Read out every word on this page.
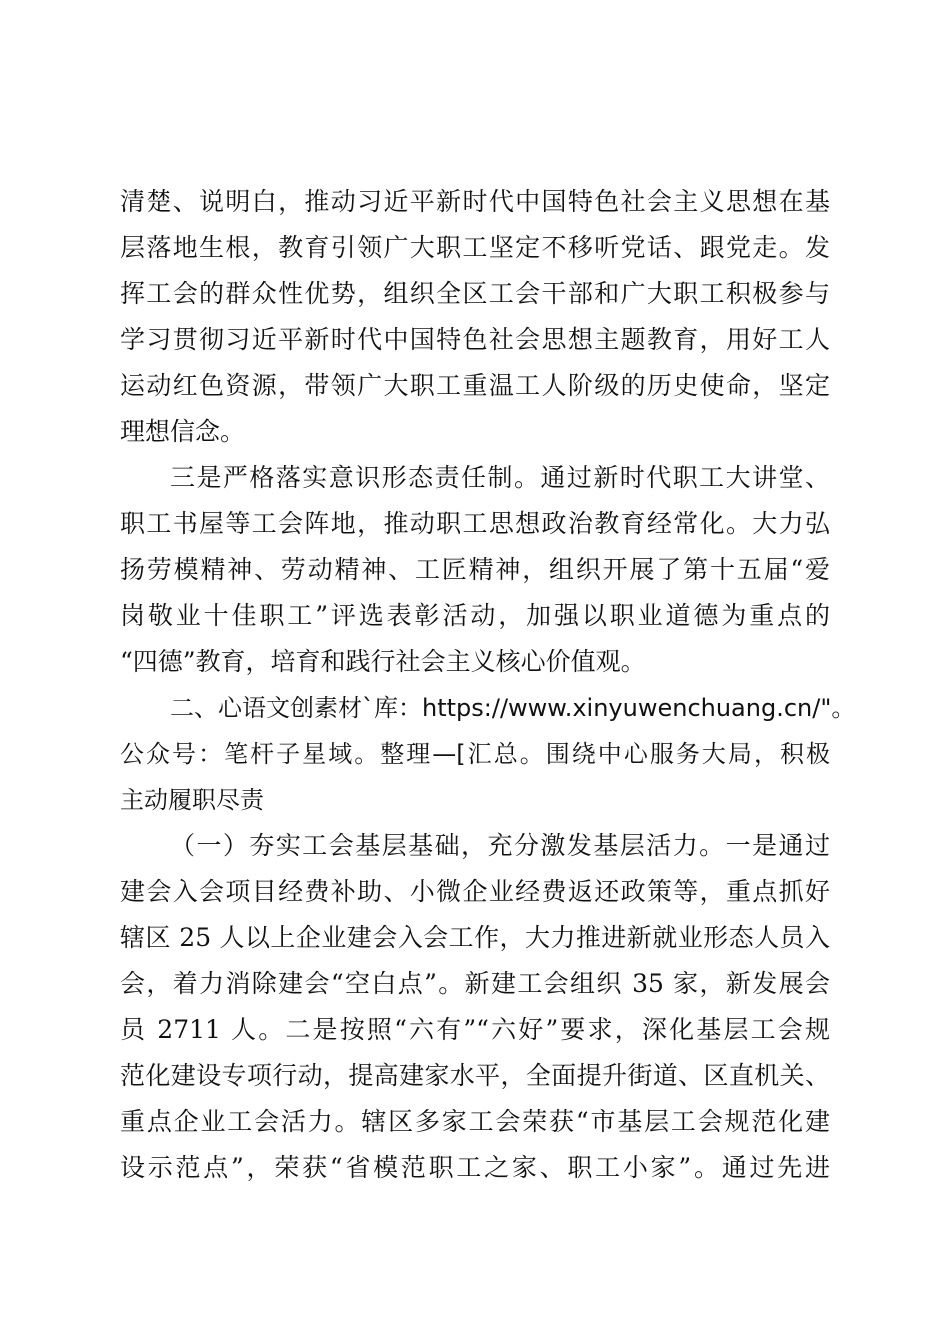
清楚、说明白，推动习近平新时代中国特色社会主义思想在基
层落地生根，教育引领广大职工坚定不移听党话、跟党走。发
挥工会的群众性优势，组织全区工会干部和广大职工积极参与
学习贯彻习近平新时代中国特色社会思想主题教育，用好工人
运动红色资源，带领广大职工重温工人阶级的历史使命，坚定
理想信念。
三是严格落实意识形态责任制。通过新时代职工大讲堂、
职工书屋等工会阵地，推动职工思想政治教育经常化。大力弘
扬劳模精神、劳动精神、工匠精神，组织开展了第十五届“爱
岗敬业十佳职工”评选表彰活动，加强以职业道德为重点的
“四德”教育，培育和践行社会主义核心价值观。
二、心语文创素材`库：https://www.xinyuwenchuang.cn/"。
公众号：笔杆子星域。整理—[汇总。围绕中心服务大局，积极
主动履职尽责
（一）夯实工会基层基础，充分激发基层活力。一是通过
建会入会项目经费补助、小微企业经费返还政策等，重点抓好
辖区 25 人以上企业建会入会工作，大力推进新就业形态人员入
会，着力消除建会“空白点”。新建工会组织 35 家，新发展会
员 2711 人。二是按照“六有”“六好”要求，深化基层工会规
范化建设专项行动，提高建家水平，全面提升街道、区直机关、
重点企业工会活力。辖区多家工会荣获“市基层工会规范化建
设示范点”，荣获“省模范职工之家、职工小家”。通过先进
